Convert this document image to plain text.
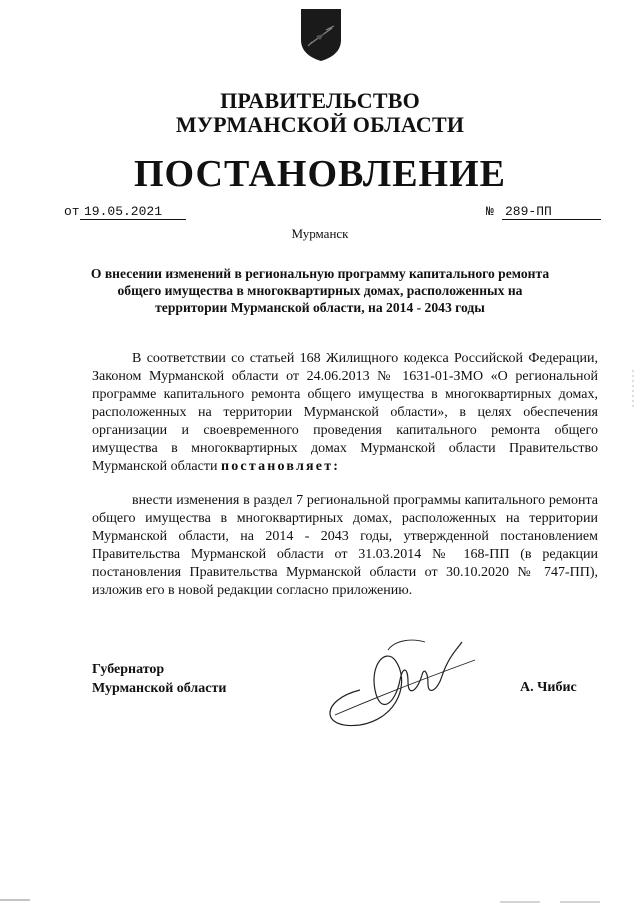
ПРАВИТЕЛЬСТВО
МУРМАНСКОЙ ОБЛАСТИ
ПОСТАНОВЛЕНИЕ
от 19.05.2021	№ 289-ПП
Мурманск
О внесении изменений в региональную программу капитального ремонта общего имущества в многоквартирных домах, расположенных на территории Мурманской области, на 2014 - 2043 годы
В соответствии со статьей 168 Жилищного кодекса Российской Федерации, Законом Мурманской области от 24.06.2013 № 1631-01-ЗМО «О региональной программе капитального ремонта общего имущества в многоквартирных домах, расположенных на территории Мурманской области», в целях обеспечения организации и своевременного проведения капитального ремонта общего имущества в многоквартирных домах Мурманской области Правительство Мурманской области постановляет:
внести изменения в раздел 7 региональной программы капитального ремонта общего имущества в многоквартирных домах, расположенных на территории Мурманской области, на 2014 - 2043 годы, утвержденной постановлением Правительства Мурманской области от 31.03.2014 № 168-ПП (в редакции постановления Правительства Мурманской области от 30.10.2020 № 747-ПП), изложив его в новой редакции согласно приложению.
Губернатор
Мурманской области	А. Чибис
